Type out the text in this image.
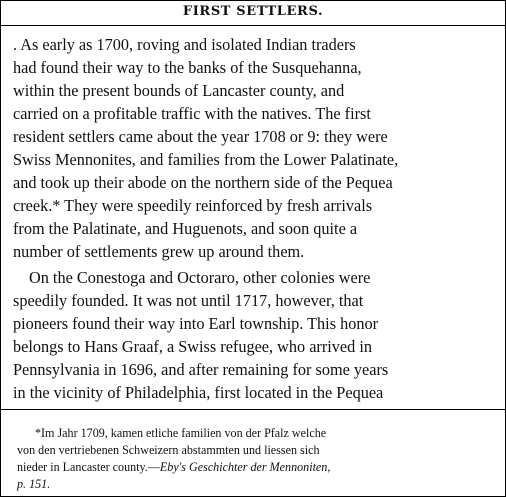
FIRST SETTLERS.
. As early as 1700, roving and isolated Indian traders
had found their way to the banks of the Susquehanna,
within the present bounds of Lancaster county, and
carried on a profitable traffic with the natives. The first
resident settlers came about the year 1708 or 9: they were
Swiss Mennonites, and families from the Lower Palatinate,
and took up their abode on the northern side of the Pequea
creek.* They were speedily reinforced by fresh arrivals
from the Palatinate, and Huguenots, and soon quite a
number of settlements grew up around them.
On the Conestoga and Octoraro, other colonies were
speedily founded. It was not until 1717, however, that
pioneers found their way into Earl township. This honor
belongs to Hans Graaf, a Swiss refugee, who arrived in
Pennsylvania in 1696, and after remaining for some years
in the vicinity of Philadelphia, first located in the Pequea
*Im Jahr 1709, kamen etliche familien von der Pfalz welche
von den vertriebenen Schweizern abstammten und liessen sich
nieder in Lancaster county.—Eby's Geschichter der Mennoniten,
p. 151.
